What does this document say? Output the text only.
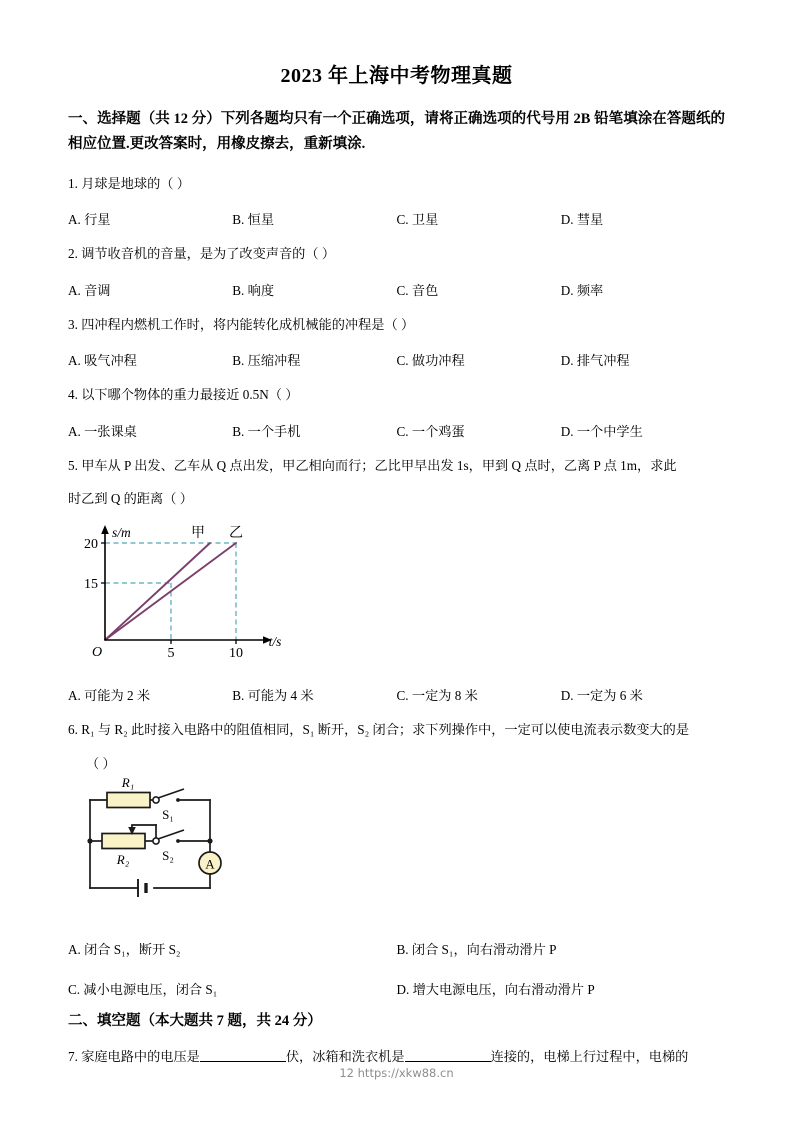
2023 年上海中考物理真题
一、选择题（共 12 分）下列各题均只有一个正确选项，请将正确选项的代号用 2B 铅笔填涂在答题纸的相应位置.更改答案时，用橡皮擦去，重新填涂.
1. 月球是地球的（ ）
A. 行星	B. 恒星	C. 卫星	D. 彗星
2. 调节收音机的音量，是为了改变声音的（ ）
A. 音调	B. 响度	C. 音色	D. 频率
3. 四冲程内燃机工作时，将内能转化成机械能的冲程是（ ）
A. 吸气冲程	B. 压缩冲程	C. 做功冲程	D. 排气冲程
4. 以下哪个物体的重力最接近 0.5N（ ）
A. 一张课桌	B. 一个手机	C. 一个鸡蛋	D. 一个中学生
5. 甲车从 P 出发、乙车从 Q 点出发，甲乙相向而行；乙比甲早出发 1s，甲到 Q 点时，乙离 P 点 1m，求此
时乙到 Q 的距离（ ）
20
15
5	10
O
s/m
t/s
甲 乙
A. 可能为 2 米	B. 可能为 4 米	C. 一定为 8 米	D. 一定为 6 米
6. R₁ 与 R₂ 此时接入电路中的阻值相同，S₁ 断开，S₂ 闭合；求下列操作中，一定可以使电流表示数变大的是
（ ）
R₁
R₂
S₁
S₂
A
A. 闭合 S₁，断开 S₂	B. 闭合 S₁，向右滑动滑片 P
C. 减小电源电压，闭合 S₁	D. 增大电源电压，向右滑动滑片 P
二、填空题（本大题共 7 题，共 24 分）
7. 家庭电路中的电压是	伏，冰箱和洗衣机是	连接的，电梯上行过程中，电梯的
12 https://xkw88.cn
